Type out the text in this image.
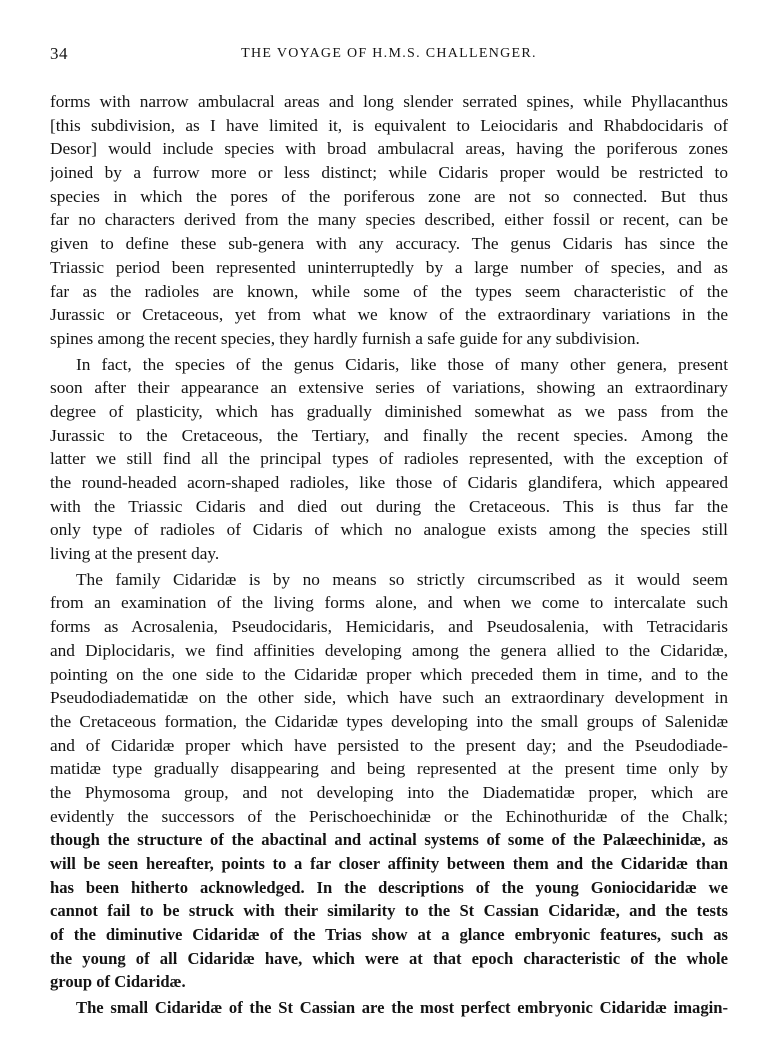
34	THE VOYAGE OF H.M.S. CHALLENGER.
forms with narrow ambulacral areas and long slender serrated spines, while Phyllacanthus
[this subdivision, as I have limited it, is equivalent to Leiocidaris and Rhabdocidaris of
Desor] would include species with broad ambulacral areas, having the poriferous zones
joined by a furrow more or less distinct; while Cidaris proper would be restricted to
species in which the pores of the poriferous zone are not so connected. But thus
far no characters derived from the many species described, either fossil or recent, can be
given to define these sub-genera with any accuracy. The genus Cidaris has since the
Triassic period been represented uninterruptedly by a large number of species, and as
far as the radioles are known, while some of the types seem characteristic of the
Jurassic or Cretaceous, yet from what we know of the extraordinary variations in the
spines among the recent species, they hardly furnish a safe guide for any subdivision.
In fact, the species of the genus Cidaris, like those of many other genera, present
soon after their appearance an extensive series of variations, showing an extraordinary
degree of plasticity, which has gradually diminished somewhat as we pass from the
Jurassic to the Cretaceous, the Tertiary, and finally the recent species. Among the
latter we still find all the principal types of radioles represented, with the exception of
the round-headed acorn-shaped radioles, like those of Cidaris glandifera, which appeared
with the Triassic Cidaris and died out during the Cretaceous. This is thus far the
only type of radioles of Cidaris of which no analogue exists among the species still
living at the present day.
The family Cidaridæ is by no means so strictly circumscribed as it would seem
from an examination of the living forms alone, and when we come to intercalate such
forms as Acrosalenia, Pseudocidaris, Hemicidaris, and Pseudosalenia, with Tetracidaris
and Diplocidaris, we find affinities developing among the genera allied to the Cidaridæ,
pointing on the one side to the Cidaridæ proper which preceded them in time, and to the
Pseudodiadematidæ on the other side, which have such an extraordinary development in
the Cretaceous formation, the Cidaridæ types developing into the small groups of Salenidæ
and of Cidaridæ proper which have persisted to the present day; and the Pseudodiade-
matidæ type gradually disappearing and being represented at the present time only by
the Phymosoma group, and not developing into the Diadematidæ proper, which are
evidently the successors of the Perischoechinidæ or the Echinothuridæ of the Chalk;
though the structure of the abactinal and actinal systems of some of the Palæechinidæ, as
will be seen hereafter, points to a far closer affinity between them and the Cidaridæ than
has been hitherto acknowledged. In the descriptions of the young Goniocidaridæ we
cannot fail to be struck with their similarity to the St Cassian Cidaridæ, and the tests
of the diminutive Cidaridæ of the Trias show at a glance embryonic features, such as
the young of all Cidaridæ have, which were at that epoch characteristic of the whole
group of Cidaridæ.
The small Cidaridæ of the St Cassian are the most perfect embryonic Cidaridæ imagin-
